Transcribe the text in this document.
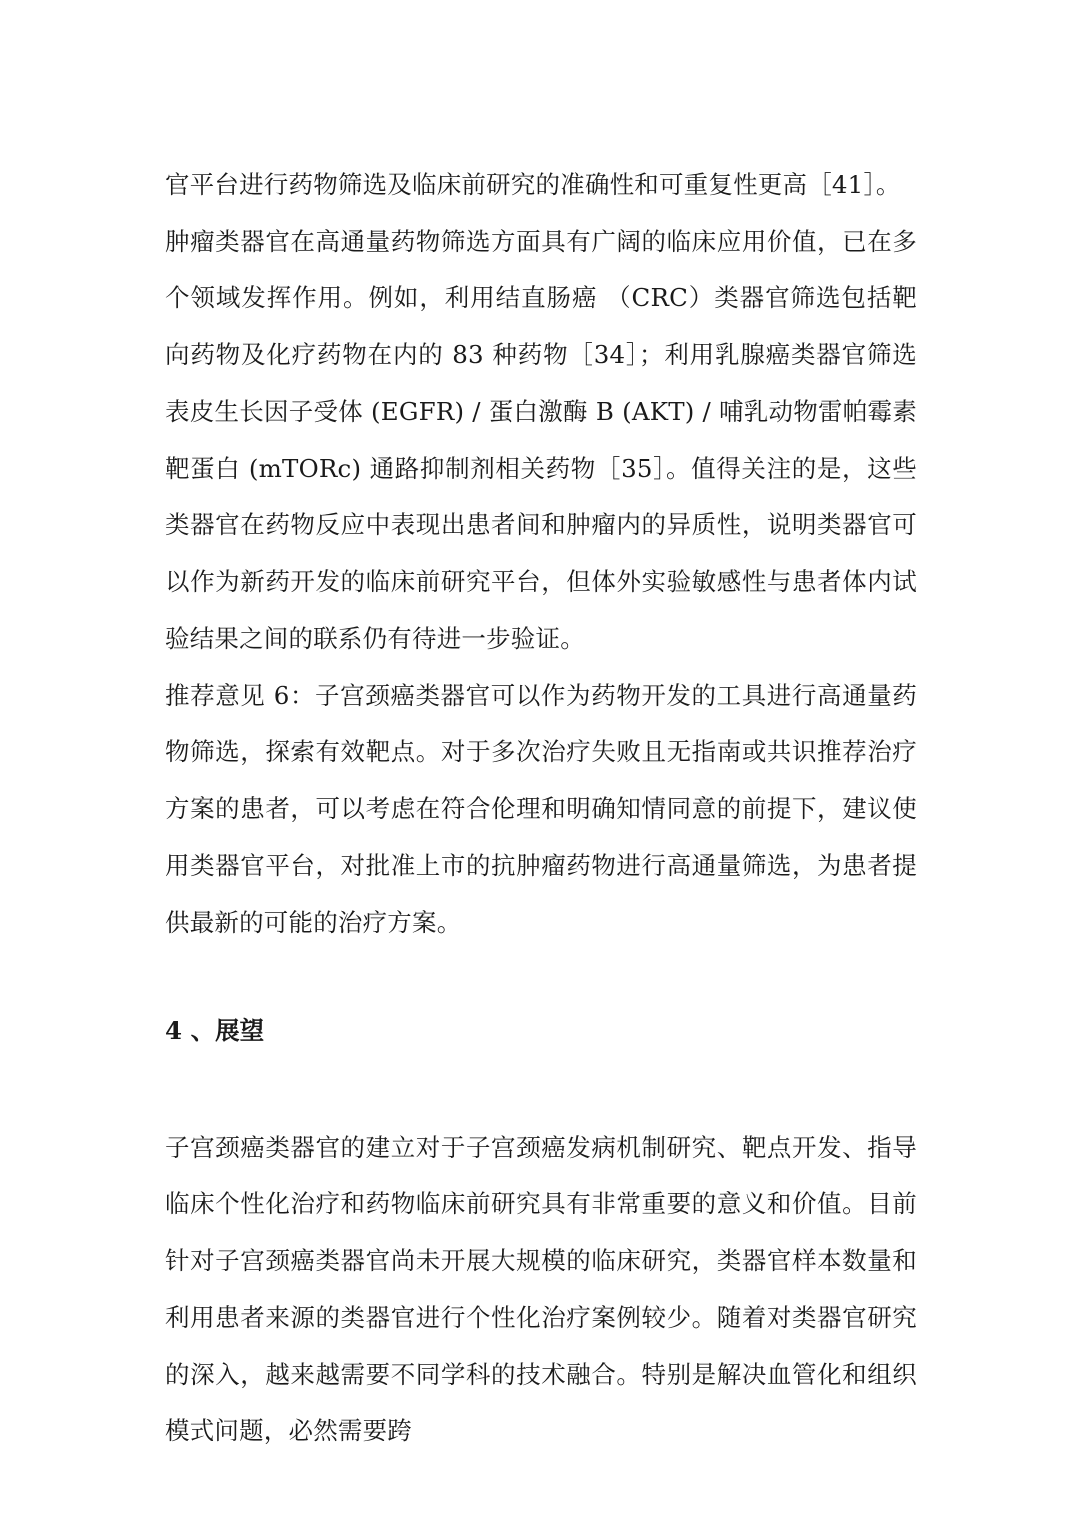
官平台进行药物筛选及临床前研究的准确性和可重复性更高［41］。

肿瘤类器官在高通量药物筛选方面具有广阔的临床应用价值，已在多个领域发挥作用。例如，利用结直肠癌 （CRC）类器官筛选包括靶向药物及化疗药物在内的 83 种药物［34］；利用乳腺癌类器官筛选表皮生长因子受体 (EGFR) / 蛋白激酶 B (AKT) / 哺乳动物雷帕霉素靶蛋白 (mTORc) 通路抑制剂相关药物［35］。值得关注的是，这些类器官在药物反应中表现出患者间和肿瘤内的异质性，说明类器官可以作为新药开发的临床前研究平台，但体外实验敏感性与患者体内试验结果之间的联系仍有待进一步验证。

推荐意见 6：子宫颈癌类器官可以作为药物开发的工具进行高通量药物筛选，探索有效靶点。对于多次治疗失败且无指南或共识推荐治疗方案的患者，可以考虑在符合伦理和明确知情同意的前提下，建议使用类器官平台，对批准上市的抗肿瘤药物进行高通量筛选，为患者提供最新的可能的治疗方案。

4 、展望

子宫颈癌类器官的建立对于子宫颈癌发病机制研究、靶点开发、指导临床个性化治疗和药物临床前研究具有非常重要的意义和价值。目前针对子宫颈癌类器官尚未开展大规模的临床研究，类器官样本数量和利用患者来源的类器官进行个性化治疗案例较少。随着对类器官研究的深入，越来越需要不同学科的技术融合。特别是解决血管化和组织模式问题，必然需要跨
